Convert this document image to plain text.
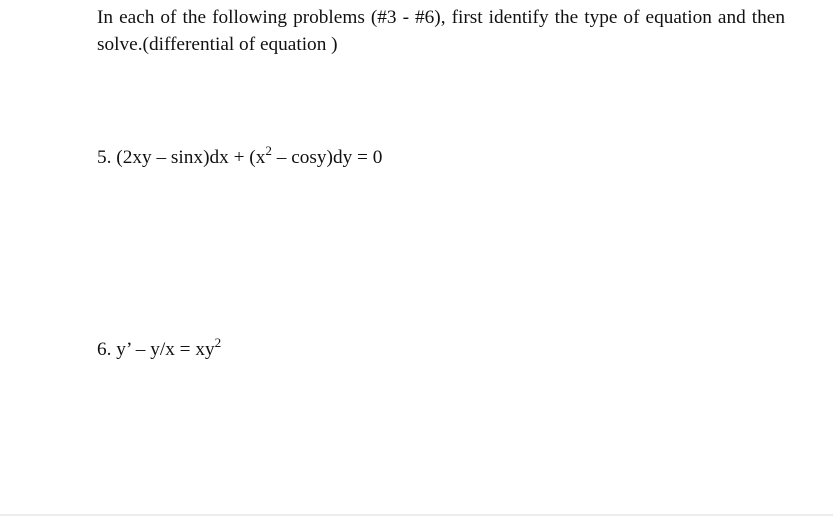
In each of the following problems (#3 - #6), first identify the type of equation and then solve.(differential of equation )

5. $(2xy - \sin x)dx + (x^2 - \cos y)dy = 0$

6. y’ – $y/x = xy^2$
